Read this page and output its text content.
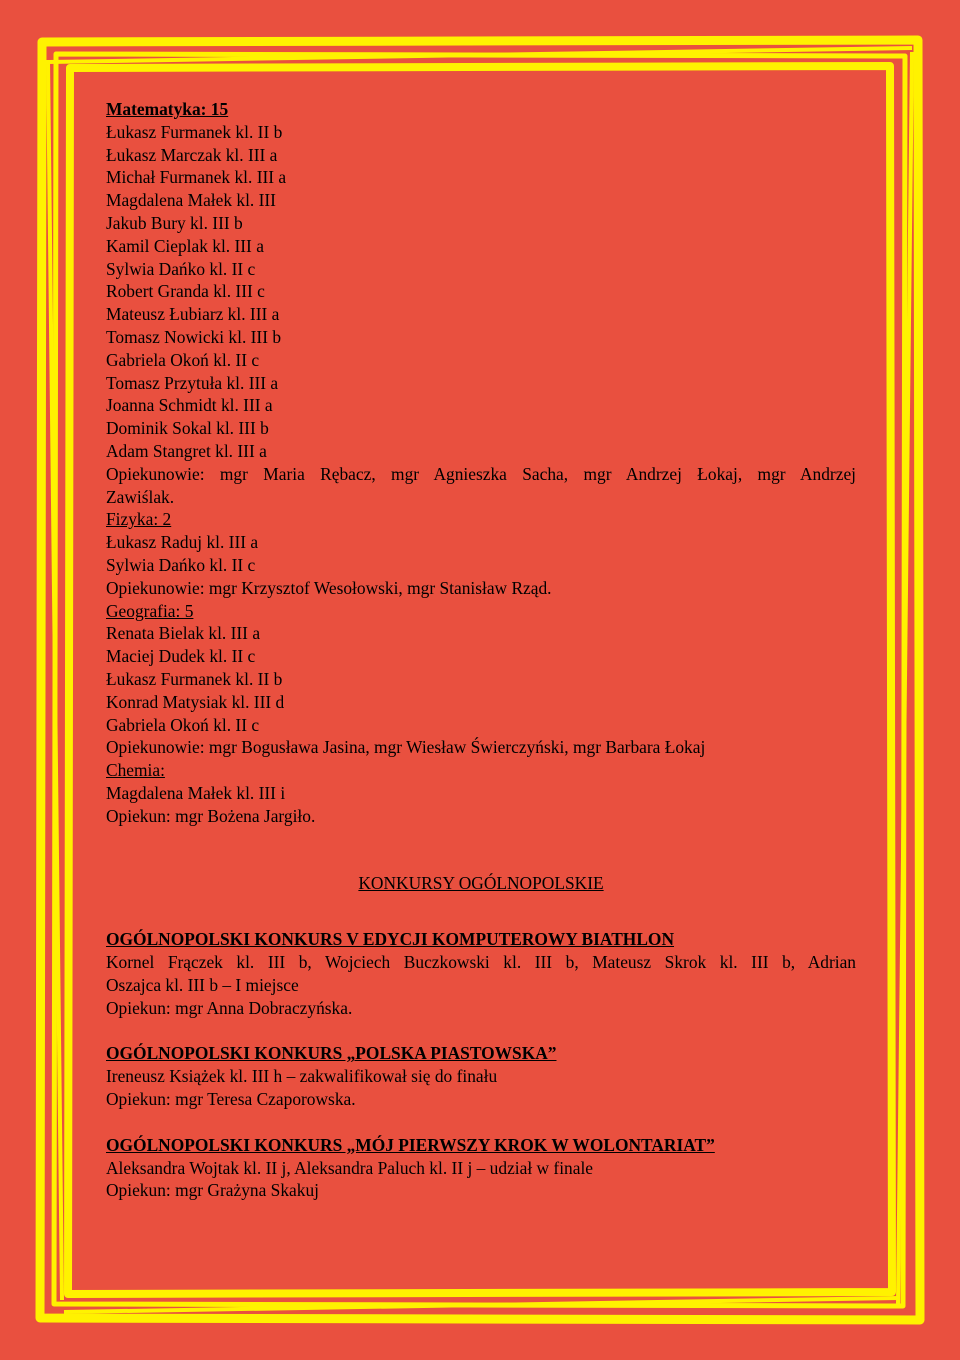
Matematyka: 15
Łukasz Furmanek kl. II b
Łukasz Marczak kl. III a
Michał Furmanek kl. III a
Magdalena Małek kl. III
Jakub Bury kl. III b
Kamil Cieplak kl. III a
Sylwia Dańko kl. II c
Robert Granda kl. III c
Mateusz Łubiarz kl. III a
Tomasz Nowicki kl. III b
Gabriela Okoń kl. II c
Tomasz Przytuła kl. III a
Joanna Schmidt kl. III a
Dominik Sokal kl. III b
Adam Stangret kl. III a
Opiekunowie: mgr Maria Rębacz, mgr Agnieszka Sacha, mgr Andrzej Łokaj, mgr Andrzej
Zawiślak.
Fizyka: 2
Łukasz Raduj kl. III a
Sylwia Dańko kl. II c
Opiekunowie: mgr Krzysztof Wesołowski, mgr Stanisław Rząd.
Geografia: 5
Renata Bielak kl. III a
Maciej Dudek kl. II c
Łukasz Furmanek kl. II b
Konrad Matysiak kl. III d
Gabriela Okoń kl. II c
Opiekunowie: mgr Bogusława Jasina, mgr Wiesław Świerczyński, mgr Barbara Łokaj
Chemia:
Magdalena Małek kl. III i
Opiekun: mgr Bożena Jargiło.
KONKURSY OGÓLNOPOLSKIE
OGÓLNOPOLSKI KONKURS V EDYCJI KOMPUTEROWY BIATHLON
Kornel Frączek kl. III b, Wojciech Buczkowski kl. III b, Mateusz Skrok kl. III b, Adrian
Oszajca kl. III b – I miejsce
Opiekun: mgr Anna Dobraczyńska.
OGÓLNOPOLSKI KONKURS „POLSKA PIASTOWSKA”
Ireneusz Książek kl. III h – zakwalifikował się do finału
Opiekun: mgr Teresa Czaporowska.
OGÓLNOPOLSKI KONKURS „MÓJ PIERWSZY KROK W WOLONTARIAT”
Aleksandra Wojtak kl. II j, Aleksandra Paluch kl. II j – udział w finale
Opiekun: mgr Grażyna Skakuj
